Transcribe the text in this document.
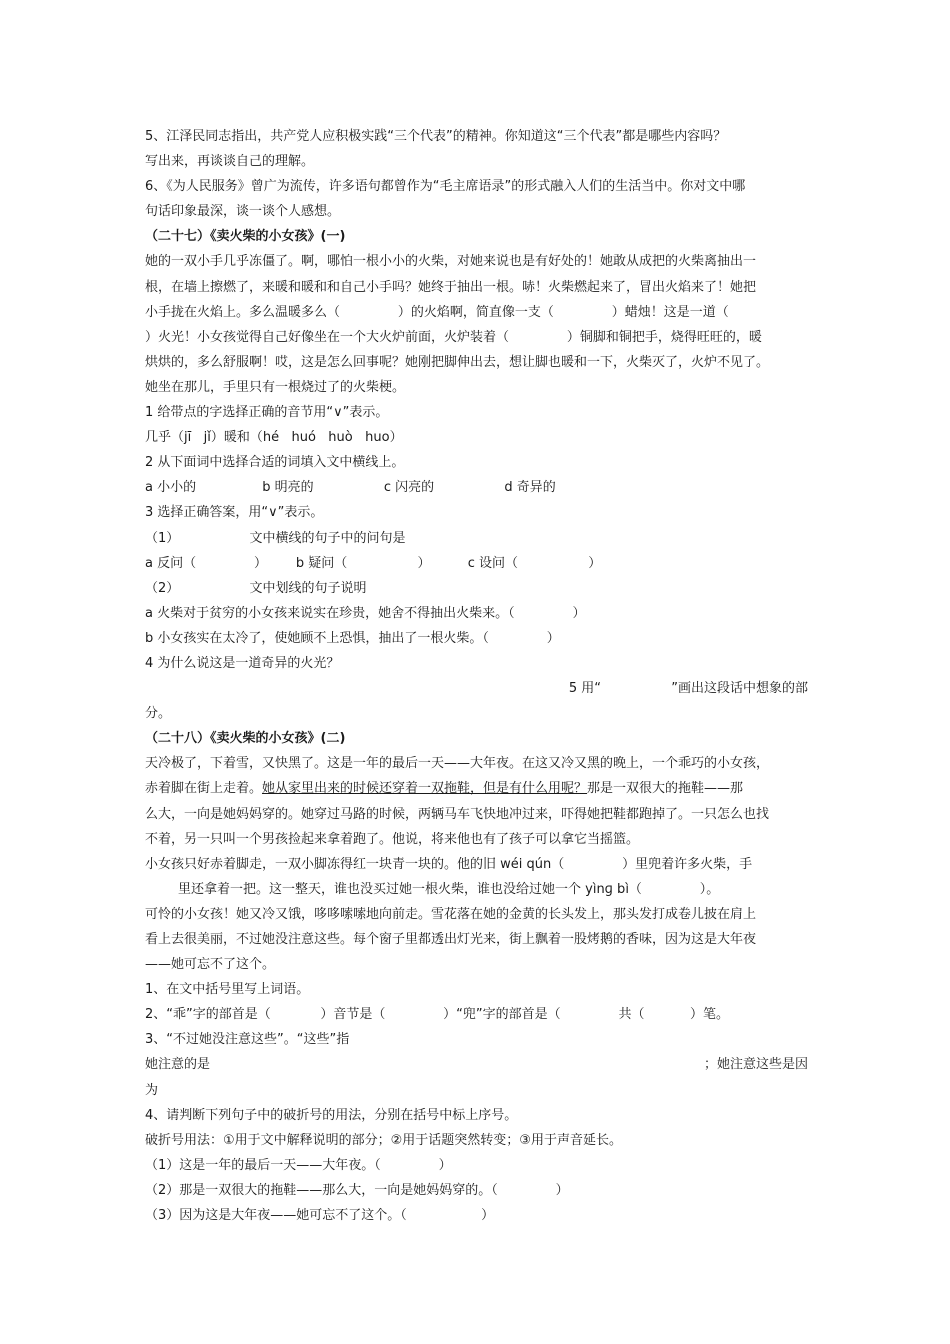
5、江泽民同志指出，共产党人应积极实践“三个代表”的精神。你知道这“三个代表”都是哪些内容吗？
写出来，再谈谈自己的理解。
6、《为人民服务》曾广为流传，许多语句都曾作为“毛主席语录”的形式融入人们的生活当中。你对文中哪
句话印象最深，谈一谈个人感想。
（二十七）《卖火柴的小女孩》(一)
她的一双小手几乎冻僵了。啊，哪怕一根小小的火柴，对她来说也是有好处的！她敢从成把的火柴离抽出一
根，在墙上擦燃了，来暖和暖和和自己小手吗？她终于抽出一根。哧！火柴燃起来了，冒出火焰来了！她把
小手拢在火焰上。多么温暖多么（              ）的火焰啊，简直像一支（              ）蜡烛！这是一道（
）火光！小女孩觉得自己好像坐在一个大火炉前面，火炉装着（              ）铜脚和铜把手，烧得旺旺的，暖
烘烘的，多么舒服啊！哎，这是怎么回事呢？她刚把脚伸出去，想让脚也暖和一下，火柴灭了，火炉不见了。
她坐在那儿，手里只有一根烧过了的火柴梗。
1 给带点的字选择正确的音节用“∨”表示。
几乎（jī   jǐ）暖和（hé   huó   huò   huo）
2 从下面词中选择合适的词填入文中横线上。
a 小小的                b 明亮的                 c 闪亮的                 d 奇异的
3 选择正确答案，用“∨”表示。
（1）                 文中横线的句子中的问句是
a 反问（              ）       b 疑问（                 ）         c 设问（                 ）
（2）                 文中划线的句子说明
a 火柴对于贫穷的小女孩来说实在珍贵，她舍不得抽出火柴来。（              ）
b 小女孩实在太冷了，使她顾不上恐惧，抽出了一根火柴。（              ）
4 为什么说这是一道奇异的火光？
5 用“                 ”画出这段话中想象的部
分。
（二十八）《卖火柴的小女孩》(二)
天冷极了，下着雪，又快黑了。这是一年的最后一天——大年夜。在这又冷又黑的晚上，一个乖巧的小女孩，
赤着脚在街上走着。她从家里出来的时候还穿着一双拖鞋，但是有什么用呢？那是一双很大的拖鞋——那
么大，一向是她妈妈穿的。她穿过马路的时候，两辆马车飞快地冲过来，吓得她把鞋都跑掉了。一只怎么也找
不着，另一只叫一个男孩捡起来拿着跑了。他说，将来他也有了孩子可以拿它当摇篮。
小女孩只好赤着脚走，一双小脚冻得红一块青一块的。他的旧 wéi qún（              ）里兜着许多火柴，手
里还拿着一把。这一整天，谁也没买过她一根火柴，谁也没给过她一个 yìnɡ bì（              ）。
可怜的小女孩！她又冷又饿，哆哆嗦嗦地向前走。雪花落在她的金黄的长头发上，那头发打成卷儿披在肩上
看上去很美丽，不过她没注意这些。每个窗子里都透出灯光来，街上飘着一股烤鹅的香味，因为这是大年夜
——她可忘不了这个。
1、在文中括号里写上词语。
2、“乖”字的部首是（            ）音节是（              ）“兜”字的部首是（              共（           ）笔。
3、“不过她没注意这些”。“这些”指
她注意的是	；她注意这些是因
为
4、请判断下列句子中的破折号的用法，分别在括号中标上序号。
破折号用法：①用于文中解释说明的部分；②用于话题突然转变；③用于声音延长。
（1）这是一年的最后一天——大年夜。（              ）
（2）那是一双很大的拖鞋——那么大，一向是她妈妈穿的。（              ）
（3）因为这是大年夜——她可忘不了这个。（                  ）
